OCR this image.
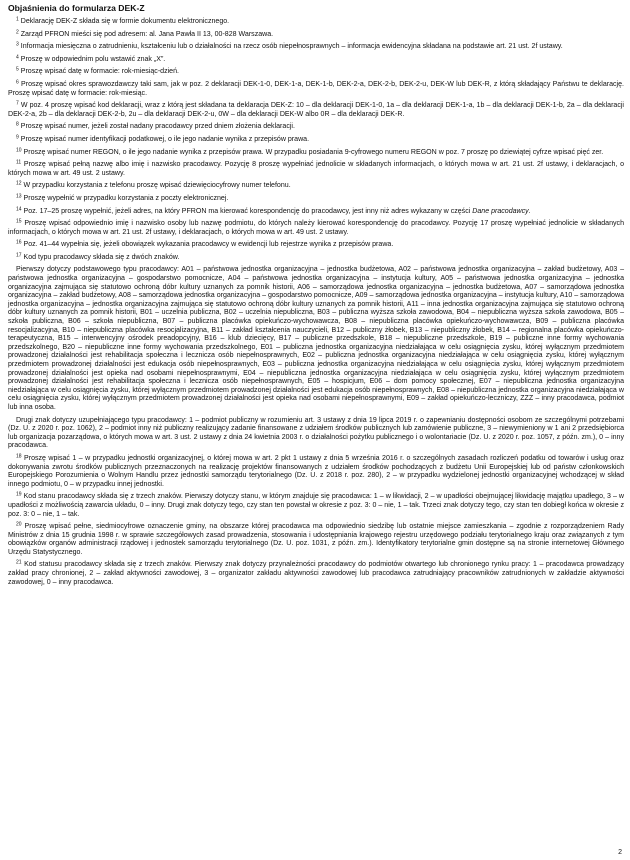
Objaśnienia do formularza DEK-Z

$^1$ Deklarację DEK-Z składa się w formie dokumentu elektronicznego.

$^2$ Zarząd PFRON mieści się pod adresem: al. Jana Pawła II 13, 00-828 Warszawa.

$^3$ Informacja miesięczna o zatrudnieniu, kształceniu lub o działalności na rzecz osób niepełnosprawnych – informacja ewidencyjna składana na podstawie art. 21 ust. 2f ustawy.

$^4$ Proszę w odpowiednim polu wstawić znak „X”.

$^5$ Proszę wpisać datę w formacie: rok-miesiąc-dzień.

$^6$ Proszę wpisać okres sprawozdawczy taki sam, jak w poz. 2 deklaracji DEK-1-0, DEK-1-a, DEK-1-b, DEK-2-a, DEK-2-b, DEK-2-u, DEK-W lub DEK-R, z którą składający Państwu te deklarację. Proszę wpisać datę w formacie: rok-miesiąc.

$^7$ W poz. 4 proszę wpisać kod deklaracji, wraz z którą jest składana ta deklaracja DEK-Z: 10 – dla deklaracji DEK-1-0, 1a – dla deklaracji DEK-1-a, 1b – dla deklaracji DEK-1-b, 2a – dla deklaracji DEK-2-a, 2b – dla deklaracji DEK-2-b, 2u – dla deklaracji DEK-2-u, 0W – dla deklaracji DEK-W albo 0R – dla deklaracji DEK-R.

$^8$ Proszę wpisać numer, jeżeli został nadany pracodawcy przed dniem złożenia deklaracji.

$^9$ Proszę wpisać numer identyfikacji podatkowej, o ile jego nadanie wynika z przepisów prawa.

$^{10}$ Proszę wpisać numer REGON, o ile jego nadanie wynika z przepisów prawa. W przypadku posiadania 9-cyfrowego numeru REGON w poz. 7 proszę po dziewiątej cyfrze wpisać pięć zer.

$^{11}$ Proszę wpisać pełną nazwę albo imię i nazwisko pracodawcy. Pozycję 8 proszę wypełniać jednolicie w składanych informacjach, o których mowa w art. 21 ust. 2f ustawy, i deklaracjach, o których mowa w art. 49 ust. 2 ustawy.

$^{12}$ W przypadku korzystania z telefonu proszę wpisać dziewięciocyfrowy numer telefonu.

$^{13}$ Proszę wypełnić w przypadku korzystania z poczty elektronicznej.

$^{14}$ Poz. 17–25 proszę wypełnić, jeżeli adres, na który PFRON ma kierować korespondencję do pracodawcy, jest inny niż adres wykazany w części Dane pracodawcy.

$^{15}$ Proszę wpisać odpowiednio imię i nazwisko osoby lub nazwę podmiotu, do których należy kierować korespondencję do pracodawcy. Pozycję 17 proszę wypełniać jednolicie w składanych informacjach, o których mowa w art. 21 ust. 2f ustawy, i deklaracjach, o których mowa w art. 49 ust. 2 ustawy.

$^{16}$ Poz. 41–44 wypełnia się, jeżeli obowiązek wykazania pracodawcy w ewidencji lub rejestrze wynika z przepisów prawa.

$^{17}$ Kod typu pracodawcy składa się z dwóch znaków.

Pierwszy dotyczy podstawowego typu pracodawcy: A01 – państwowa jednostka organizacyjna – jednostka budżetowa, A02 – państwowa jednostka organizacyjna – zakład budżetowy, A03 – państwowa jednostka organizacyjna – gospodarstwo pomocnicze, A04 – państwowa jednostka organizacyjna – instytucja kultury, A05 – państwowa jednostka organizacyjna – jednostka organizacyjna zajmująca się statutowo ochroną dóbr kultury uznanych za pomnik historii, A06 – samorządowa jednostka organizacyjna – jednostka budżetowa, A07 – samorządowa jednostka organizacyjna – zakład budżetowy, A08 – samorządowa jednostka organizacyjna – gospodarstwo pomocnicze, A09 – samorządowa jednostka organizacyjna – instytucja kultury, A10 – samorządowa jednostka organizacyjna – jednostka organizacyjna zajmująca się statutowo ochroną dóbr kultury uznanych za pomnik historii, A11 – inna jednostka organizacyjna zajmująca się statutowo ochroną dóbr kultury uznanych za pomnik historii, B01 – uczelnia publiczna, B02 – uczelnia niepubliczna, B03 – publiczna wyższa szkoła zawodowa, B04 – niepubliczna wyższa szkoła zawodowa, B05 – szkoła publiczna, B06 – szkoła niepubliczna, B07 – publiczna placówka opiekuńczo-wychowawcza, B08 – niepubliczna placówka opiekuńczo-wychowawcza, B09 – publiczna placówka resocjalizacyjna, B10 – niepubliczna placówka resocjalizacyjna, B11 – zakład kształcenia nauczycieli, B12 – publiczny żłobek, B13 – niepubliczny żłobek, B14 – regionalna placówka opiekuńczo-terapeutyczna, B15 – interwencyjny ośrodek preadopcyjny, B16 – klub dziecięcy, B17 – publiczne przedszkole, B18 – niepubliczne przedszkole, B19 – publiczne inne formy wychowania przedszkolnego, B20 – niepubliczne inne formy wychowania przedszkolnego, E01 – publiczna jednostka organizacyjna niedziałająca w celu osiągnięcia zysku, której wyłącznym przedmiotem prowadzonej działalności jest rehabilitacja społeczna i lecznicza osób niepełnosprawnych, E02 – publiczna jednostka organizacyjna niedziałająca w celu osiągnięcia zysku, której wyłącznym przedmiotem prowadzonej działalności jest edukacja osób niepełnosprawnych, E03 – publiczna jednostka organizacyjna niedziałająca w celu osiągnięcia zysku, której wyłącznym przedmiotem prowadzonej działalności jest opieka nad osobami niepełnosprawnymi, E04 – niepubliczna jednostka organizacyjna niedziałająca w celu osiągnięcia zysku, której wyłącznym przedmiotem prowadzonej działalności jest rehabilitacja społeczna i lecznicza osób niepełnosprawnych, E05 – hospicjum, E06 – dom pomocy społecznej, E07 – niepubliczna jednostka organizacyjna niedziałająca w celu osiągnięcia zysku, której wyłącznym przedmiotem prowadzonej działalności jest edukacja osób niepełnosprawnych, E08 – niepubliczna jednostka organizacyjna niedziałająca w celu osiągnięcia zysku, której wyłącznym przedmiotem prowadzonej działalności jest opieka nad osobami niepełnosprawnymi, E09 – zakład opiekuńczo-leczniczy, ZZZ – inny pracodawca, podmiot lub inna osoba.

Drugi znak dotyczy uzupełniającego typu pracodawcy: 1 – podmiot publiczny w rozumieniu art. 3 ustawy z dnia 19 lipca 2019 r. o zapewnianiu dostępności osobom ze szczególnymi potrzebami (Dz. U. z 2020 r. poz. 1062), 2 – podmiot inny niż publiczny realizujący zadanie finansowane z udziałem środków publicznych lub zamówienie publiczne, 3 – niewymieniony w 1 ani 2 przedsiębiorca lub organizacja pozarządowa, o których mowa w art. 3 ust. 2 ustawy z dnia 24 kwietnia 2003 r. o działalności pożytku publicznego i o wolontariacie (Dz. U. z 2020 r. poz. 1057, z późn. zm.), 0 – inny pracodawca.

$^{18}$ Proszę wpisać 1 – w przypadku jednostki organizacyjnej, o której mowa w art. 2 pkt 1 ustawy z dnia 5 września 2016 r. o szczególnych zasadach rozliczeń podatku od towarów i usług oraz dokonywania zwrotu środków publicznych przeznaczonych na realizację projektów finansowanych z udziałem środków pochodzących z budżetu Unii Europejskiej lub od państw członkowskich Europejskiego Porozumienia o Wolnym Handlu przez jednostki samorządu terytorialnego (Dz. U. z 2018 r. poz. 280), 2 – w przypadku wydzielonej jednostki organizacyjnej wchodzącej w skład innego podmiotu, 0 – w przypadku innej jednostki.

$^{19}$ Kod stanu pracodawcy składa się z trzech znaków. Pierwszy dotyczy stanu, w którym znajduje się pracodawca: 1 – w likwidacji, 2 – w upadłości obejmującej likwidację majątku upadłego, 3 – w upadłości z możliwością zawarcia układu, 0 – inny. Drugi znak dotyczy tego, czy stan ten powstał w okresie z poz. 3: 0 – nie, 1 – tak. Trzeci znak dotyczy tego, czy stan ten dobiegł końca w okresie z poz. 3: 0 – nie, 1 – tak.

$^{20}$ Proszę wpisać pełne, siedmiocyfrowe oznaczenie gminy, na obszarze której pracodawca ma odpowiednio siedzibę lub ostatnie miejsce zamieszkania – zgodnie z rozporządzeniem Rady Ministrów z dnia 15 grudnia 1998 r. w sprawie szczegółowych zasad prowadzenia, stosowania i udostępniania krajowego rejestru urzędowego podziału terytorialnego kraju oraz związanych z tym obowiązków organów administracji rządowej i jednostek samorządu terytorialnego (Dz. U. poz. 1031, z późn. zm.). Identyfikatory terytorialne gmin dostępne są na stronie internetowej Głównego Urzędu Statystycznego.

$^{21}$ Kod statusu pracodawcy składa się z trzech znaków. Pierwszy znak dotyczy przynależności pracodawcy do podmiotów otwartego lub chronionego rynku pracy: 1 – pracodawca prowadzący zakład pracy chronionej, 2 – zakład aktywności zawodowej, 3 – organizator zakładu aktywności zawodowej lub pracodawca zatrudniający pracowników zatrudnionych w zakładzie aktywności zawodowej, 0 – inny pracodawca.

2
